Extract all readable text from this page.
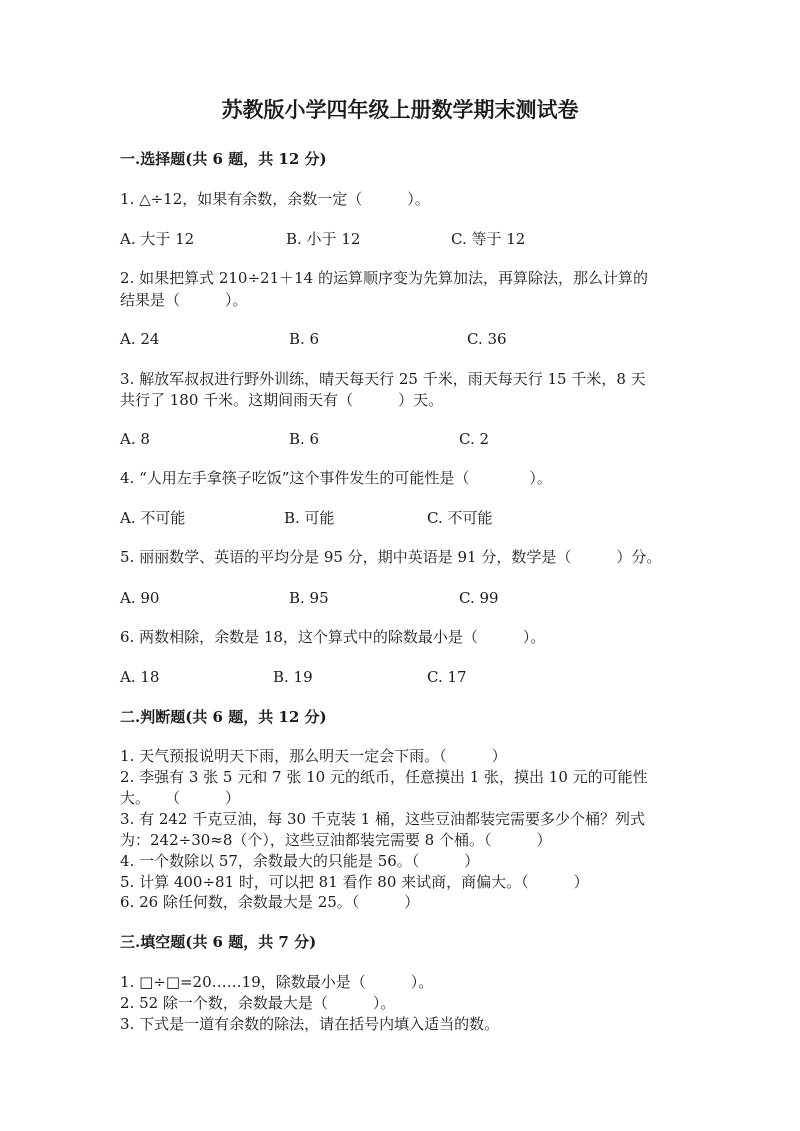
苏教版小学四年级上册数学期末测试卷
一.选择题(共 6 题，共 12 分)
1. △÷12，如果有余数，余数一定（　　　）。
A. 大于 12	B. 小于 12	C. 等于 12
2. 如果把算式 210÷21＋14 的运算顺序变为先算加法，再算除法，那么计算的
结果是（　　　）。
A. 24	B. 6	C. 36
3. 解放军叔叔进行野外训练，晴天每天行 25 千米，雨天每天行 15 千米，8 天
共行了 180 千米。这期间雨天有（　　　）天。
A. 8	B. 6	C. 2
4. “人用左手拿筷子吃饭”这个事件发生的可能性是（　　　　）。
A. 不可能	B. 可能	C. 不可能
5. 丽丽数学、英语的平均分是 95 分，期中英语是 91 分，数学是（　　　）分。
A. 90	B. 95	C. 99
6. 两数相除，余数是 18，这个算式中的除数最小是（　　　）。
A. 18	B. 19	C. 17
二.判断题(共 6 题，共 12 分)
1. 天气预报说明天下雨，那么明天一定会下雨。（　　　）
2. 李强有 3 张 5 元和 7 张 10 元的纸币，任意摸出 1 张，摸出 10 元的可能性
大。　　（　　　）
3. 有 242 千克豆油，每 30 千克装 1 桶，这些豆油都装完需要多少个桶？列式
为：242÷30≈8（个），这些豆油都装完需要 8 个桶。（　　　）
4. 一个数除以 57，余数最大的只能是 56。（　　　）
5. 计算 400÷81 时，可以把 81 看作 80 来试商，商偏大。（　　　）
6. 26 除任何数，余数最大是 25。（　　　）
三.填空题(共 6 题，共 7 分)
1. □÷□=20……19，除数最小是（　　　）。
2. 52 除一个数，余数最大是（　　　）。
3. 下式是一道有余数的除法，请在括号内填入适当的数。
